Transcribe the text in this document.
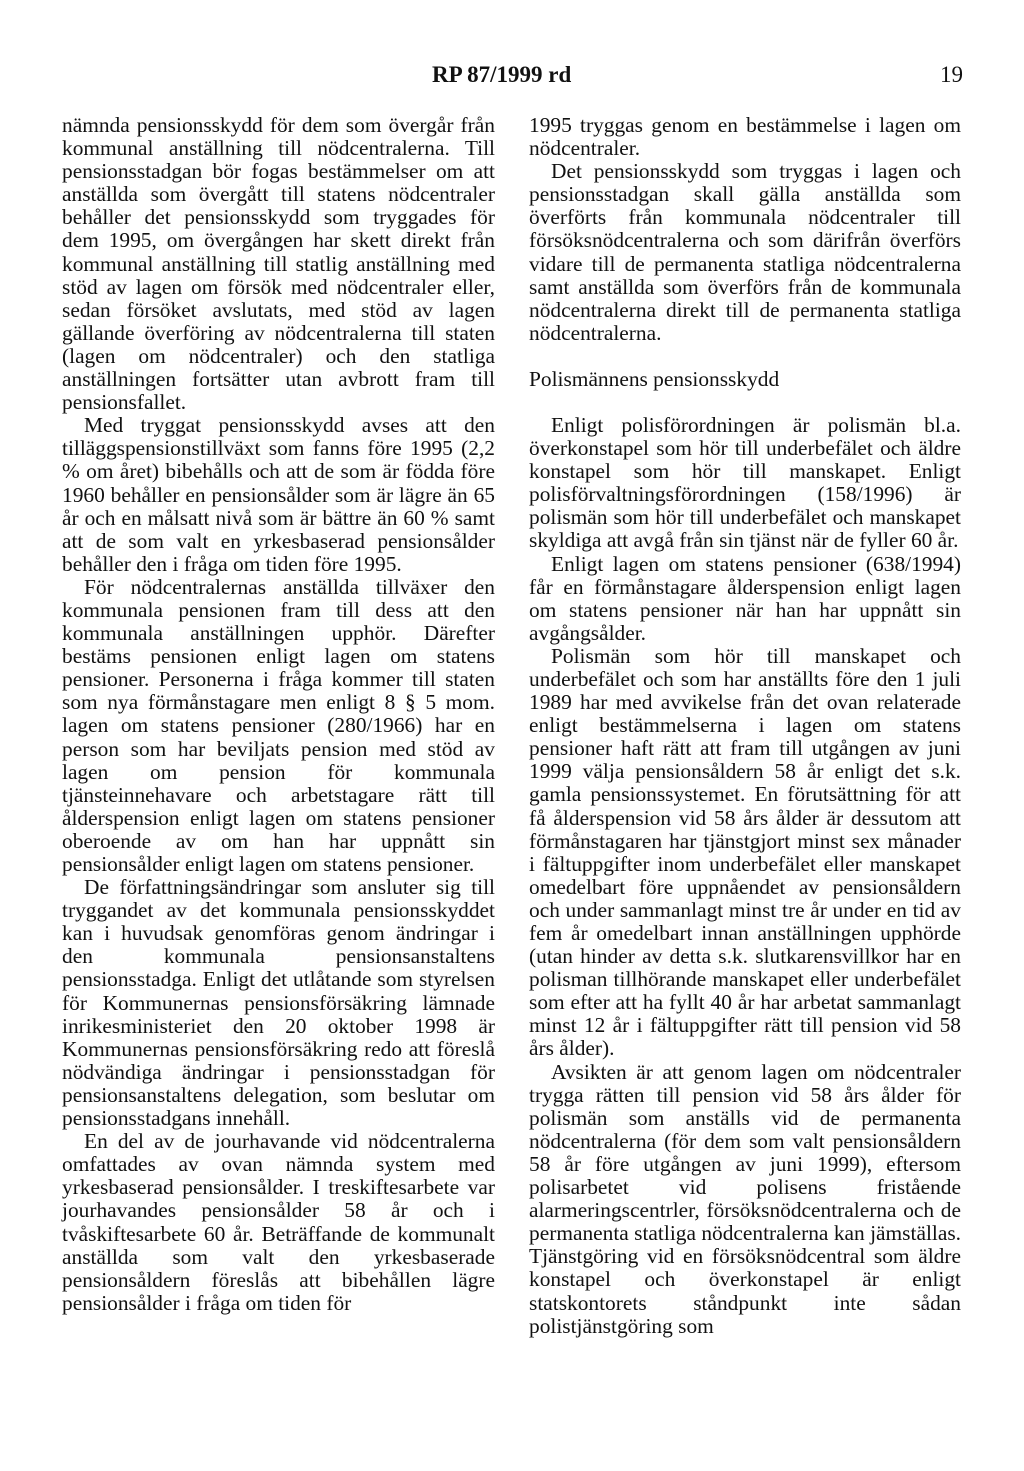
RP 87/1999 rd	19

nämnda pensionsskydd för dem som övergår från kommunal anställning till nödcentralerna. Till pensionsstadgan bör fogas bestämmelser om att anställda som övergått till statens nödcentraler behåller det pensionsskydd som tryggades för dem 1995, om övergången har skett direkt från kommunal anställning till statlig anställning med stöd av lagen om försök med nödcentraler eller, sedan försöket avslutats, med stöd av lagen gällande överföring av nödcentralerna till staten (lagen om nödcentraler) och den statliga anställningen fortsätter utan avbrott fram till pensionsfallet.

Med tryggat pensionsskydd avses att den tilläggspensionstillväxt som fanns före 1995 (2,2 % om året) bibehålls och att de som är födda före 1960 behåller en pensionsålder som är lägre än 65 år och en målsatt nivå som är bättre än 60 % samt att de som valt en yrkesbaserad pensionsålder behåller den i fråga om tiden före 1995.

För nödcentralernas anställda tillväxer den kommunala pensionen fram till dess att den kommunala anställningen upphör. Därefter bestäms pensionen enligt lagen om statens pensioner. Personerna i fråga kommer till staten som nya förmånstagare men enligt 8 § 5 mom. lagen om statens pensioner (280/1966) har en person som har beviljats pension med stöd av lagen om pension för kommunala tjänsteinnehavare och arbetstagare rätt till ålderspension enligt lagen om statens pensioner oberoende av om han har uppnått sin pensionsålder enligt lagen om statens pensioner.

De författningsändringar som ansluter sig till tryggandet av det kommunala pensionsskyddet kan i huvudsak genomföras genom ändringar i den kommunala pensionsanstaltens pensionsstadga. Enligt det utlåtande som styrelsen för Kommunernas pensionsförsäkring lämnade inrikesministeriet den 20 oktober 1998 är Kommunernas pensionsförsäkring redo att föreslå nödvändiga ändringar i pensionsstadgan för pensionsanstaltens delegation, som beslutar om pensionsstadgans innehåll.

En del av de jourhavande vid nödcentralerna omfattades av ovan nämnda system med yrkesbaserad pensionsålder. I treskiftesarbete var jourhavandes pensionsålder 58 år och i tvåskiftesarbete 60 år. Beträffande de kommunalt anställda som valt den yrkesbaserade pensionsåldern föreslås att bibehållen lägre pensionsålder i fråga om tiden för

1995 tryggas genom en bestämmelse i lagen om nödcentraler.

Det pensionsskydd som tryggas i lagen och pensionsstadgan skall gälla anställda som överförts från kommunala nödcentraler till försöksnödcentralerna och som därifrån överförs vidare till de permanenta statliga nödcentralerna samt anställda som överförs från de kommunala nödcentralerna direkt till de permanenta statliga nödcentralerna.

Polismännens pensionsskydd

Enligt polisförordningen är polismän bl.a. överkonstapel som hör till underbefälet och äldre konstapel som hör till manskapet. Enligt polisförvaltningsförordningen (158/1996) är polismän som hör till underbefälet och manskapet skyldiga att avgå från sin tjänst när de fyller 60 år.

Enligt lagen om statens pensioner (638/1994) får en förmånstagare ålderspension enligt lagen om statens pensioner när han har uppnått sin avgångsålder.

Polismän som hör till manskapet och underbefälet och som har anställts före den 1 juli 1989 har med avvikelse från det ovan relaterade enligt bestämmelserna i lagen om statens pensioner haft rätt att fram till utgången av juni 1999 välja pensionsåldern 58 år enligt det s.k. gamla pensionssystemet. En förutsättning för att få ålderspension vid 58 års ålder är dessutom att förmånstagaren har tjänstgjort minst sex månader i fältuppgifter inom underbefälet eller manskapet omedelbart före uppnåendet av pensionsåldern och under sammanlagt minst tre år under en tid av fem år omedelbart innan anställningen upphörde (utan hinder av detta s.k. slutkarensvillkor har en polisman tillhörande manskapet eller underbefälet som efter att ha fyllt 40 år har arbetat sammanlagt minst 12 år i fältuppgifter rätt till pension vid 58 års ålder).

Avsikten är att genom lagen om nödcentraler trygga rätten till pension vid 58 års ålder för polismän som anställs vid de permanenta nödcentralerna (för dem som valt pensionsåldern 58 år före utgången av juni 1999), eftersom polisarbetet vid polisens fristående alarmeringscentrler, försöksnödcentralerna och de permanenta statliga nödcentralerna kan jämställas. Tjänstgöring vid en försöksnödcentral som äldre konstapel och överkonstapel är enligt statskontorets ståndpunkt inte sådan polistjänstgöring som
